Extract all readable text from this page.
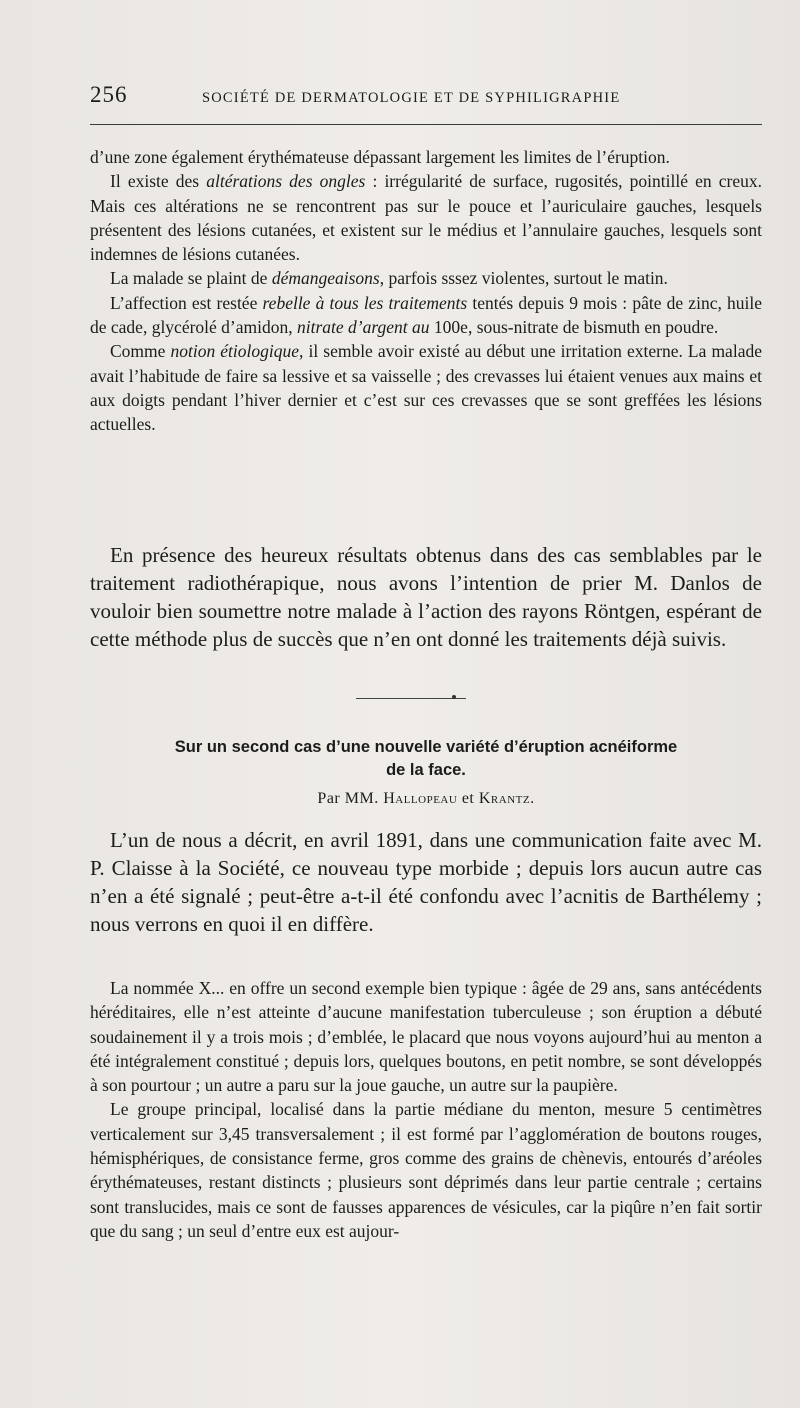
256	SOCIÉTÉ DE DERMATOLOGIE ET DE SYPHILIGRAPHIE

d’une zone également érythémateuse dépassant largement les limites de l’éruption.

Il existe des altérations des ongles : irrégularité de surface, rugosités, pointillé en creux. Mais ces altérations ne se rencontrent pas sur le pouce et l’auriculaire gauches, lesquels présentent des lésions cutanées, et existent sur le médius et l’annulaire gauches, lesquels sont indemnes de lésions cutanées.

La malade se plaint de démangeaisons, parfois sssez violentes, surtout le matin.

L’affection est restée rebelle à tous les traitements tentés depuis 9 mois : pâte de zinc, huile de cade, glycérolé d’amidon, nitrate d’argent au 100e, sous-nitrate de bismuth en poudre.

Comme notion étiologique, il semble avoir existé au début une irritation externe. La malade avait l’habitude de faire sa lessive et sa vaisselle ; des crevasses lui étaient venues aux mains et aux doigts pendant l’hiver dernier et c’est sur ces crevasses que se sont greffées les lésions actuelles.

En présence des heureux résultats obtenus dans des cas semblables par le traitement radiothérapique, nous avons l’intention de prier M. Danlos de vouloir bien soumettre notre malade à l’action des rayons Röntgen, espérant de cette méthode plus de succès que n’en ont donné les traitements déjà suivis.

Sur un second cas d’une nouvelle variété d’éruption acnéiforme
de la face.
Par MM. Hallopeau et Krantz.

L’un de nous a décrit, en avril 1891, dans une communication faite avec M. P. Claisse à la Société, ce nouveau type morbide ; depuis lors aucun autre cas n’en a été signalé ; peut-être a-t-il été confondu avec l’acnitis de Barthélemy ; nous verrons en quoi il en diffère.

La nommée X... en offre un second exemple bien typique : âgée de 29 ans, sans antécédents héréditaires, elle n’est atteinte d’aucune manifestation tuberculeuse ; son éruption a débuté soudainement il y a trois mois ; d’emblée, le placard que nous voyons aujourd’hui au menton a été intégralement constitué ; depuis lors, quelques boutons, en petit nombre, se sont développés à son pourtour ; un autre a paru sur la joue gauche, un autre sur la paupière.

Le groupe principal, localisé dans la partie médiane du menton, mesure 5 centimètres verticalement sur 3,45 transversalement ; il est formé par l’agglomération de boutons rouges, hémisphériques, de consistance ferme, gros comme des grains de chènevis, entourés d’aréoles érythémateuses, restant distincts ; plusieurs sont déprimés dans leur partie centrale ; certains sont translucides, mais ce sont de fausses apparences de vésicules, car la piqûre n’en fait sortir que du sang ; un seul d’entre eux est aujour-
